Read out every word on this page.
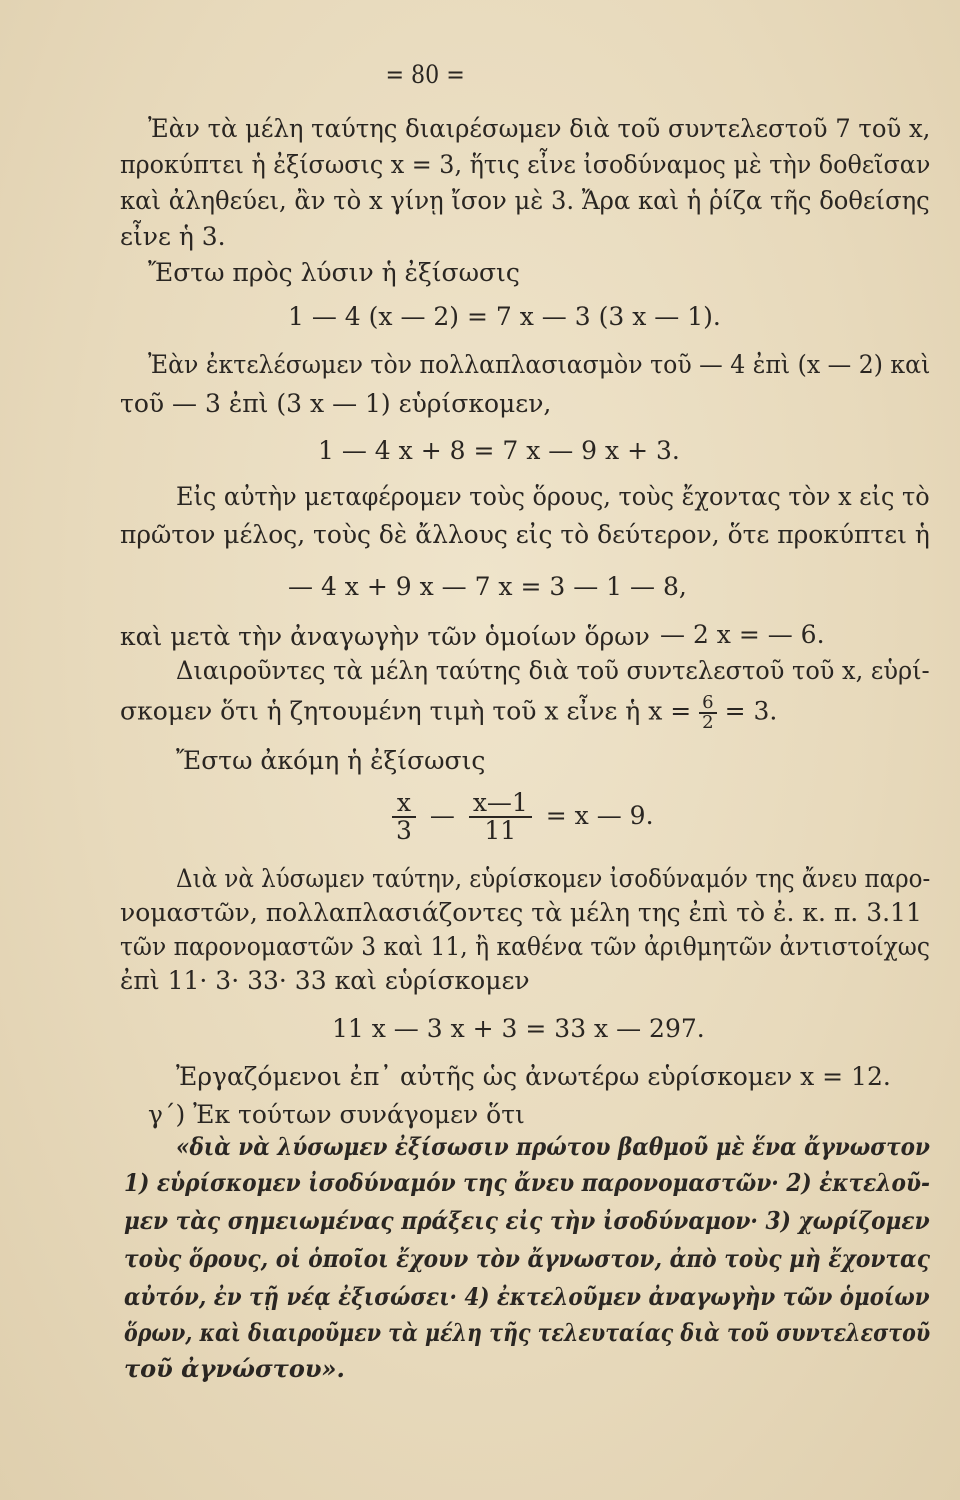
= 80 =
Ἐὰν τὰ μέλη ταύτης διαιρέσωμεν διὰ τοῦ συντελεστοῦ 7 τοῦ x,
προκύπτει ἡ ἐξίσωσις x = 3, ἥτις εἶνε ἰσοδύναμος μὲ τὴν δοθεῖσαν
καὶ ἀληθεύει, ἂν τὸ x γίνῃ ἴσον μὲ 3. Ἄρα καὶ ἡ ῥίζα τῆς δοθείσης
εἶνε ἡ 3.
Ἔστω πρὸς λύσιν ἡ ἐξίσωσις
1 — 4 (x — 2) = 7 x — 3 (3 x — 1).
Ἐὰν ἐκτελέσωμεν τὸν πολλαπλασιασμὸν τοῦ — 4 ἐπὶ (x — 2) καὶ
τοῦ — 3 ἐπὶ (3 x — 1) εὑρίσκομεν,
1 — 4 x + 8 = 7 x — 9 x + 3.
Εἰς αὐτὴν μεταφέρομεν τοὺς ὅρους, τοὺς ἔχοντας τὸν x εἰς τὸ
πρῶτον μέλος, τοὺς δὲ ἄλλους εἰς τὸ δεύτερον, ὅτε προκύπτει ἡ
— 4 x + 9 x — 7 x = 3 — 1 — 8,
καὶ μετὰ τὴν ἀναγωγὴν τῶν ὁμοίων ὅρων — 2 x = — 6.
Διαιροῦντες τὰ μέλη ταύτης διὰ τοῦ συντελεστοῦ τοῦ x, εὑρί-
σκομεν ὅτι ἡ ζητουμένη τιμὴ τοῦ x εἶνε ἡ $x = \frac{6}{2} = 3$.
Ἔστω ἀκόμη ἡ ἐξίσωσις
$\frac{x}{3}$ — $\frac{x—1}{11} = x$ — 9.
Διὰ νὰ λύσωμεν ταύτην, εὑρίσκομεν ἰσοδύναμόν της ἄνευ παρο-
νομαστῶν, πολλαπλασιάζοντες τὰ μέλη της ἐπὶ τὸ ἐ. κ. π. 3.11
τῶν παρονομαστῶν 3 καὶ 11, ἢ καθένα τῶν ἀριθμητῶν ἀντιστοίχως
ἐπὶ 11· 3· 33· 33 καὶ εὑρίσκομεν
11 x — 3 x + 3 = 33 x — 297.
Ἐργαζόμενοι ἐπ᾽ αὐτῆς ὡς ἀνωτέρω εὑρίσκομεν x = 12.
γ΄) Ἐκ τούτων συνάγομεν ὅτι
«διὰ νὰ λύσωμεν ἐξίσωσιν πρώτου βαθμοῦ μὲ ἕνα ἄγνωστον
1) εὑρίσκομεν ἰσοδύναμόν της ἄνευ παρονομαστῶν· 2) ἐκτελοῦ-
μεν τὰς σημειωμένας πράξεις εἰς τὴν ἰσοδύναμον· 3) χωρίζομεν
τοὺς ὅρους, οἱ ὁποῖοι ἔχουν τὸν ἄγνωστον, ἀπὸ τοὺς μὴ ἔχοντας
αὐτόν, ἐν τῇ νέᾳ ἐξισώσει· 4) ἐκτελοῦμεν ἀναγωγὴν τῶν ὁμοίων
ὅρων, καὶ διαιροῦμεν τὰ μέλη τῆς τελευταίας διὰ τοῦ συντελεστοῦ
τοῦ ἀγνώστου».
